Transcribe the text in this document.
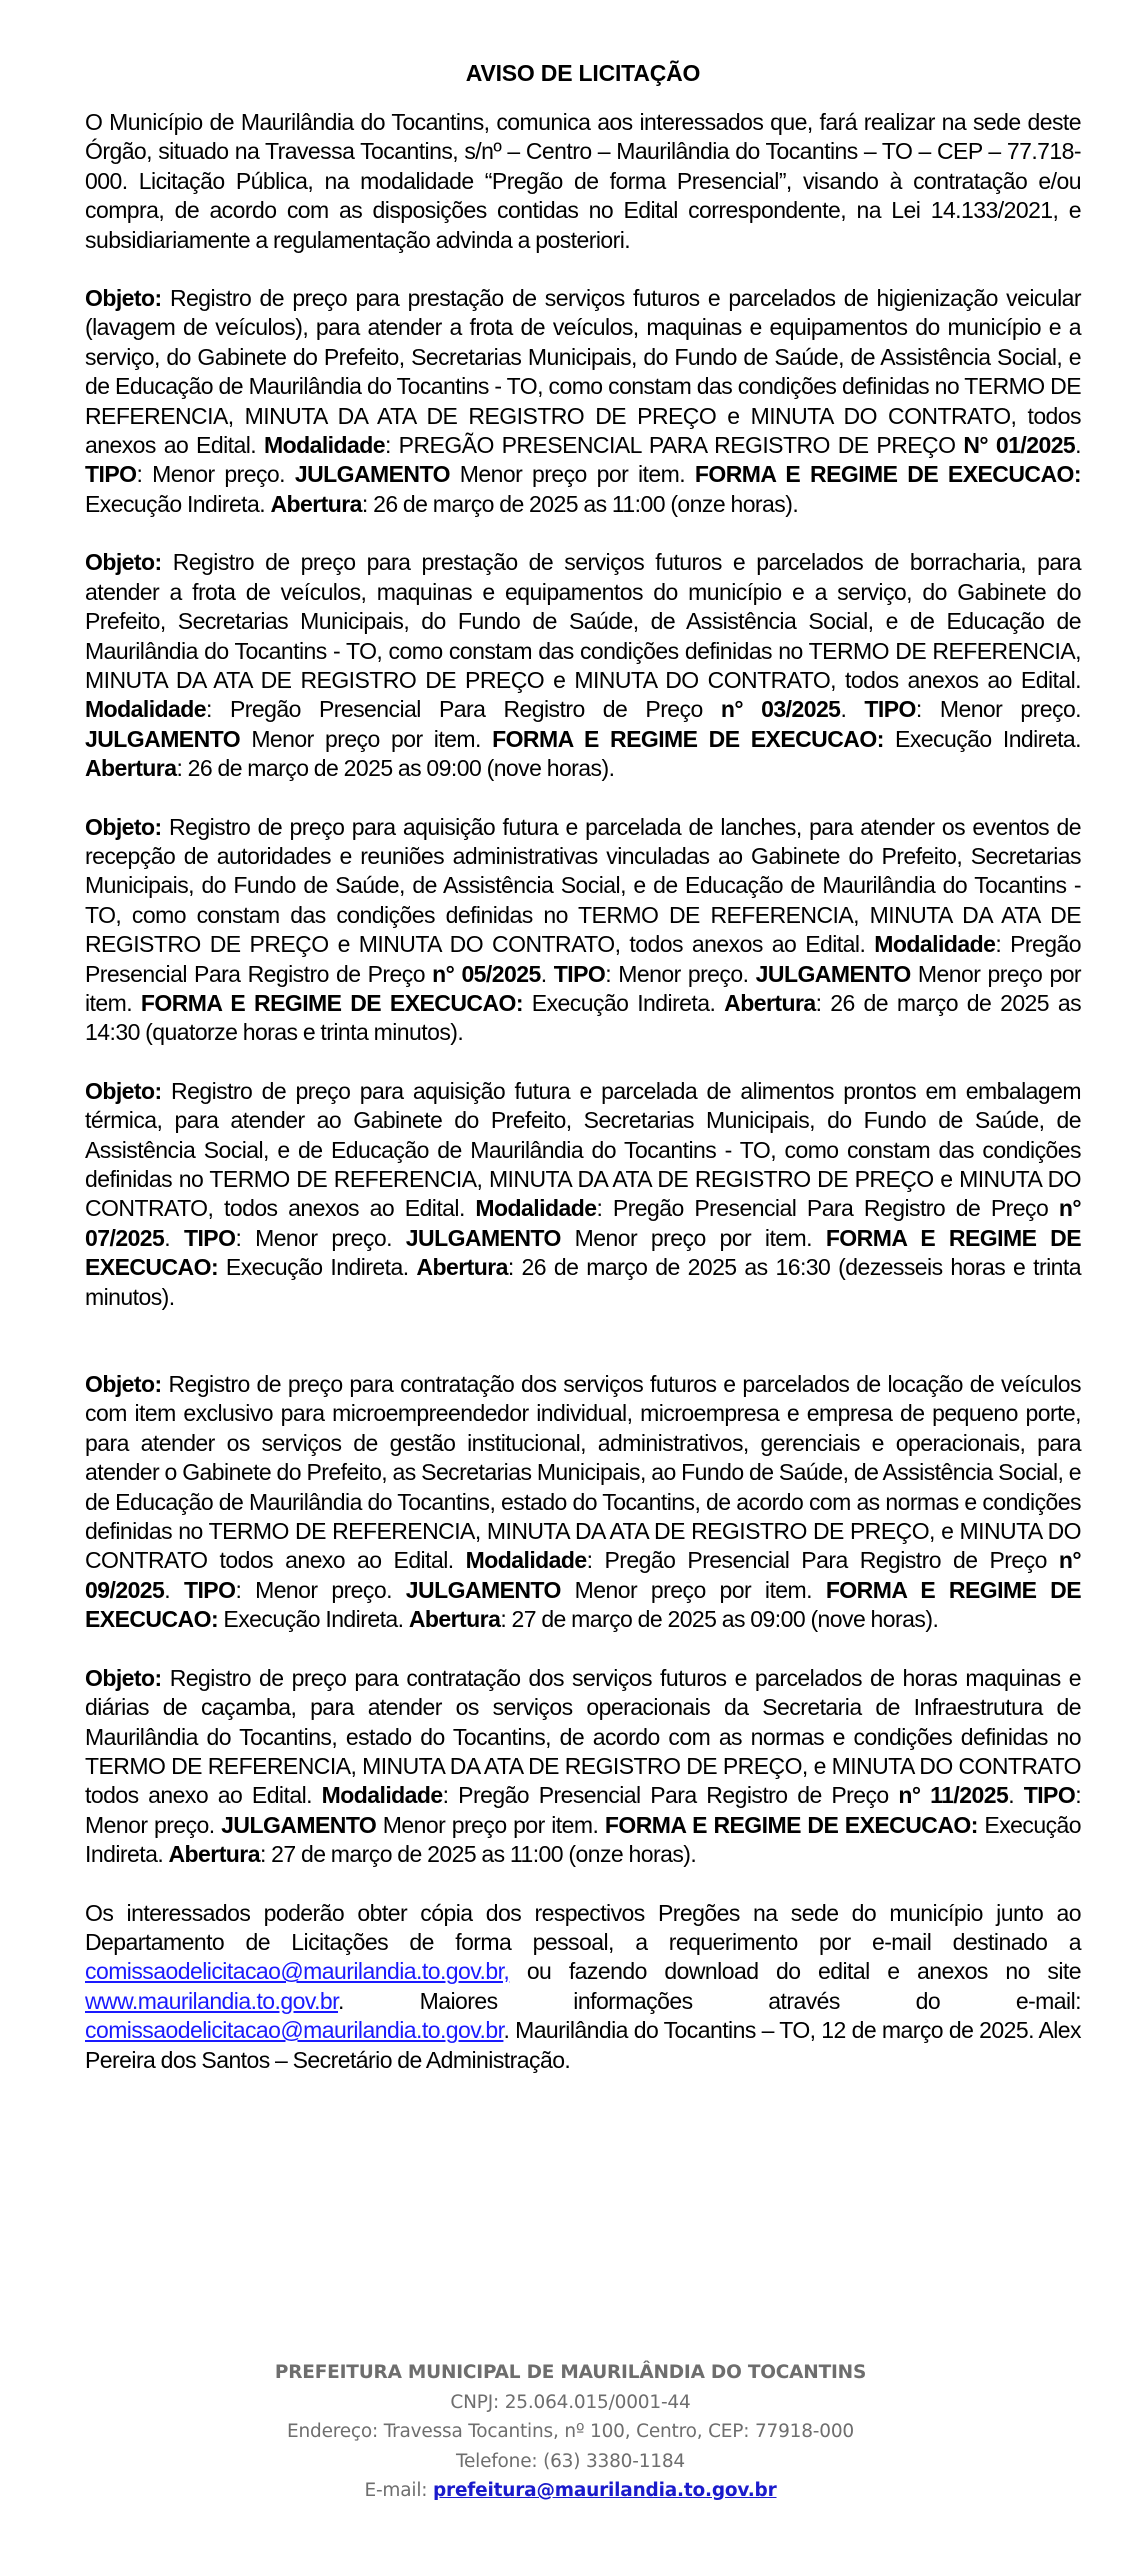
AVISO DE LICITAÇÃO

O Município de Maurilândia do Tocantins, comunica aos interessados que, fará realizar na sede deste Órgão, situado na Travessa Tocantins, s/nº – Centro – Maurilândia do Tocantins – TO – CEP – 77.718-000. Licitação Pública, na modalidade “Pregão de forma Presencial”, visando à contratação e/ou compra, de acordo com as disposições contidas no Edital correspondente, na Lei 14.133/2021, e subsidiariamente a regulamentação advinda a posteriori.

Objeto: Registro de preço para prestação de serviços futuros e parcelados de higienização veicular (lavagem de veículos), para atender a frota de veículos, maquinas e equipamentos do município e a serviço, do Gabinete do Prefeito, Secretarias Municipais, do Fundo de Saúde, de Assistência Social, e de Educação de Maurilândia do Tocantins - TO, como constam das condições definidas no TERMO DE REFERENCIA, MINUTA DA ATA DE REGISTRO DE PREÇO e MINUTA DO CONTRATO, todos anexos ao Edital. Modalidade: PREGÃO PRESENCIAL PARA REGISTRO DE PREÇO N° 01/2025. TIPO: Menor preço. JULGAMENTO Menor preço por item. FORMA E REGIME DE EXECUCAO: Execução Indireta. Abertura: 26 de março de 2025 as 11:00 (onze horas).

Objeto: Registro de preço para prestação de serviços futuros e parcelados de borracharia, para atender a frota de veículos, maquinas e equipamentos do município e a serviço, do Gabinete do Prefeito, Secretarias Municipais, do Fundo de Saúde, de Assistência Social, e de Educação de Maurilândia do Tocantins - TO, como constam das condições definidas no TERMO DE REFERENCIA, MINUTA DA ATA DE REGISTRO DE PREÇO e MINUTA DO CONTRATO, todos anexos ao Edital. Modalidade: Pregão Presencial Para Registro de Preço n° 03/2025. TIPO: Menor preço. JULGAMENTO Menor preço por item. FORMA E REGIME DE EXECUCAO: Execução Indireta. Abertura: 26 de março de 2025 as 09:00 (nove horas).

Objeto: Registro de preço para aquisição futura e parcelada de lanches, para atender os eventos de recepção de autoridades e reuniões administrativas vinculadas ao Gabinete do Prefeito, Secretarias Municipais, do Fundo de Saúde, de Assistência Social, e de Educação de Maurilândia do Tocantins - TO, como constam das condições definidas no TERMO DE REFERENCIA, MINUTA DA ATA DE REGISTRO DE PREÇO e MINUTA DO CONTRATO, todos anexos ao Edital. Modalidade: Pregão Presencial Para Registro de Preço n° 05/2025. TIPO: Menor preço. JULGAMENTO Menor preço por item. FORMA E REGIME DE EXECUCAO: Execução Indireta. Abertura: 26 de março de 2025 as 14:30 (quatorze horas e trinta minutos).

Objeto: Registro de preço para aquisição futura e parcelada de alimentos prontos em embalagem térmica, para atender ao Gabinete do Prefeito, Secretarias Municipais, do Fundo de Saúde, de Assistência Social, e de Educação de Maurilândia do Tocantins - TO, como constam das condições definidas no TERMO DE REFERENCIA, MINUTA DA ATA DE REGISTRO DE PREÇO e MINUTA DO CONTRATO, todos anexos ao Edital. Modalidade: Pregão Presencial Para Registro de Preço n° 07/2025. TIPO: Menor preço. JULGAMENTO Menor preço por item. FORMA E REGIME DE EXECUCAO: Execução Indireta. Abertura: 26 de março de 2025 as 16:30 (dezesseis horas e trinta minutos).

Objeto: Registro de preço para contratação dos serviços futuros e parcelados de locação de veículos com item exclusivo para microempreendedor individual, microempresa e empresa de pequeno porte, para atender os serviços de gestão institucional, administrativos, gerenciais e operacionais, para atender o Gabinete do Prefeito, as Secretarias Municipais, ao Fundo de Saúde, de Assistência Social, e de Educação de Maurilândia do Tocantins, estado do Tocantins, de acordo com as normas e condições definidas no TERMO DE REFERENCIA, MINUTA DA ATA DE REGISTRO DE PREÇO, e MINUTA DO CONTRATO todos anexo ao Edital. Modalidade: Pregão Presencial Para Registro de Preço n° 09/2025. TIPO: Menor preço. JULGAMENTO Menor preço por item. FORMA E REGIME DE EXECUCAO: Execução Indireta. Abertura: 27 de março de 2025 as 09:00 (nove horas).

Objeto: Registro de preço para contratação dos serviços futuros e parcelados de horas maquinas e diárias de caçamba, para atender os serviços operacionais da Secretaria de Infraestrutura de Maurilândia do Tocantins, estado do Tocantins, de acordo com as normas e condições definidas no TERMO DE REFERENCIA, MINUTA DA ATA DE REGISTRO DE PREÇO, e MINUTA DO CONTRATO todos anexo ao Edital. Modalidade: Pregão Presencial Para Registro de Preço n° 11/2025. TIPO: Menor preço. JULGAMENTO Menor preço por item. FORMA E REGIME DE EXECUCAO: Execução Indireta. Abertura: 27 de março de 2025 as 11:00 (onze horas).

Os interessados poderão obter cópia dos respectivos Pregões na sede do município junto ao Departamento de Licitações de forma pessoal, a requerimento por e-mail destinado a comissaodelicitacao@maurilandia.to.gov.br, ou fazendo download do edital e anexos no site www.maurilandia.to.gov.br. Maiores informações através do e-mail: comissaodelicitacao@maurilandia.to.gov.br. Maurilândia do Tocantins – TO, 12 de março de 2025. Alex Pereira dos Santos – Secretário de Administração.

PREFEITURA MUNICIPAL DE MAURILÂNDIA DO TOCANTINS
CNPJ: 25.064.015/0001-44
Endereço: Travessa Tocantins, nº 100, Centro, CEP: 77918-000
Telefone: (63) 3380-1184
E-mail: prefeitura@maurilandia.to.gov.br
